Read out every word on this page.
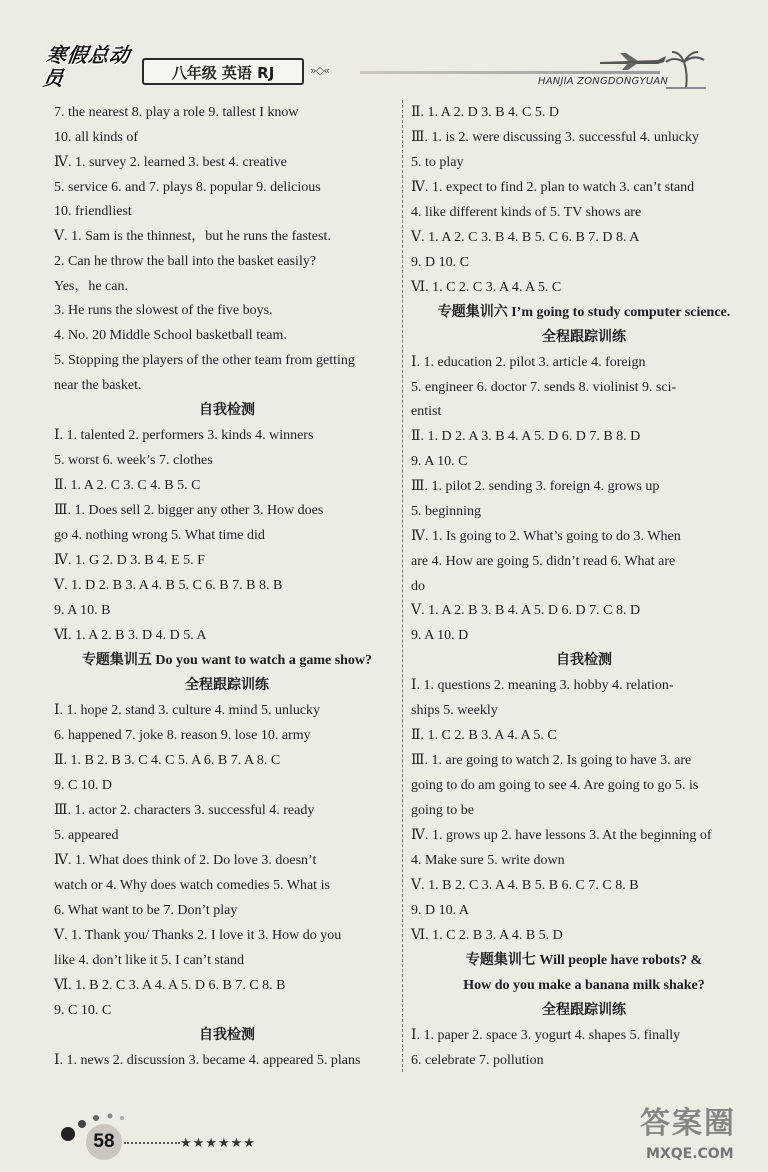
寒假总动员	八年级 英语 RJ	»◇«
HANJIA ZONGDONGYUAN
7. the nearest 8. play a role 9. tallest I know
10. all kinds of
Ⅳ. 1. survey 2. learned 3. best 4. creative
5. service 6. and 7. plays 8. popular 9. delicious
10. friendliest
Ⅴ. 1. Sam is the thinnest，but he runs the fastest.
2. Can he throw the ball into the basket easily?
Yes，he can.
3. He runs the slowest of the five boys.
4. No. 20 Middle School basketball team.
5. Stopping the players of the other team from getting
near the basket.
自我检测
Ⅰ. 1. talented 2. performers 3. kinds 4. winners
5. worst 6. week’s 7. clothes
Ⅱ. 1. A 2. C 3. C 4. B 5. C
Ⅲ. 1. Does sell 2. bigger any other 3. How does
go 4. nothing wrong 5. What time did
Ⅳ. 1. G 2. D 3. B 4. E 5. F
Ⅴ. 1. D 2. B 3. A 4. B 5. C 6. B 7. B 8. B
9. A 10. B
Ⅵ. 1. A 2. B 3. D 4. D 5. A
专题集训五 Do you want to watch a game show?
全程跟踪训练
Ⅰ. 1. hope 2. stand 3. culture 4. mind 5. unlucky
6. happened 7. joke 8. reason 9. lose 10. army
Ⅱ. 1. B 2. B 3. C 4. C 5. A 6. B 7. A 8. C
9. C 10. D
Ⅲ. 1. actor 2. characters 3. successful 4. ready
5. appeared
Ⅳ. 1. What does think of 2. Do love 3. doesn’t
watch or 4. Why does watch comedies 5. What is
6. What want to be 7. Don’t play
Ⅴ. 1. Thank you/ Thanks 2. I love it 3. How do you
like 4. don’t like it 5. I can’t stand
Ⅵ. 1. B 2. C 3. A 4. A 5. D 6. B 7. C 8. B
9. C 10. C
自我检测
Ⅰ. 1. news 2. discussion 3. became 4. appeared 5. plans
Ⅱ. 1. A 2. D 3. B 4. C 5. D
Ⅲ. 1. is 2. were discussing 3. successful 4. unlucky
5. to play
Ⅳ. 1. expect to find 2. plan to watch 3. can’t stand
4. like different kinds of 5. TV shows are
Ⅴ. 1. A 2. C 3. B 4. B 5. C 6. B 7. D 8. A
9. D 10. C
Ⅵ. 1. C 2. C 3. A 4. A 5. C
专题集训六 I’m going to study computer science.
全程跟踪训练
Ⅰ. 1. education 2. pilot 3. article 4. foreign
5. engineer 6. doctor 7. sends 8. violinist 9. sci-
entist
Ⅱ. 1. D 2. A 3. B 4. A 5. D 6. D 7. B 8. D
9. A 10. C
Ⅲ. 1. pilot 2. sending 3. foreign 4. grows up
5. beginning
Ⅳ. 1. Is going to 2. What’s going to do 3. When
are 4. How are going 5. didn’t read 6. What are
do
Ⅴ. 1. A 2. B 3. B 4. A 5. D 6. D 7. C 8. D
9. A 10. D
自我检测
Ⅰ. 1. questions 2. meaning 3. hobby 4. relation-
ships 5. weekly
Ⅱ. 1. C 2. B 3. A 4. A 5. C
Ⅲ. 1. are going to watch 2. Is going to have 3. are
going to do am going to see 4. Are going to go 5. is
going to be
Ⅳ. 1. grows up 2. have lessons 3. At the beginning of
4. Make sure 5. write down
Ⅴ. 1. B 2. C 3. A 4. B 5. B 6. C 7. C 8. B
9. D 10. A
Ⅵ. 1. C 2. B 3. A 4. B 5. D
专题集训七 Will people have robots? &
How do you make a banana milk shake?
全程跟踪训练
Ⅰ. 1. paper 2. space 3. yogurt 4. shapes 5. finally
6. celebrate 7. pollution
58	★★★★★★
答案圈
MXQE.COM
